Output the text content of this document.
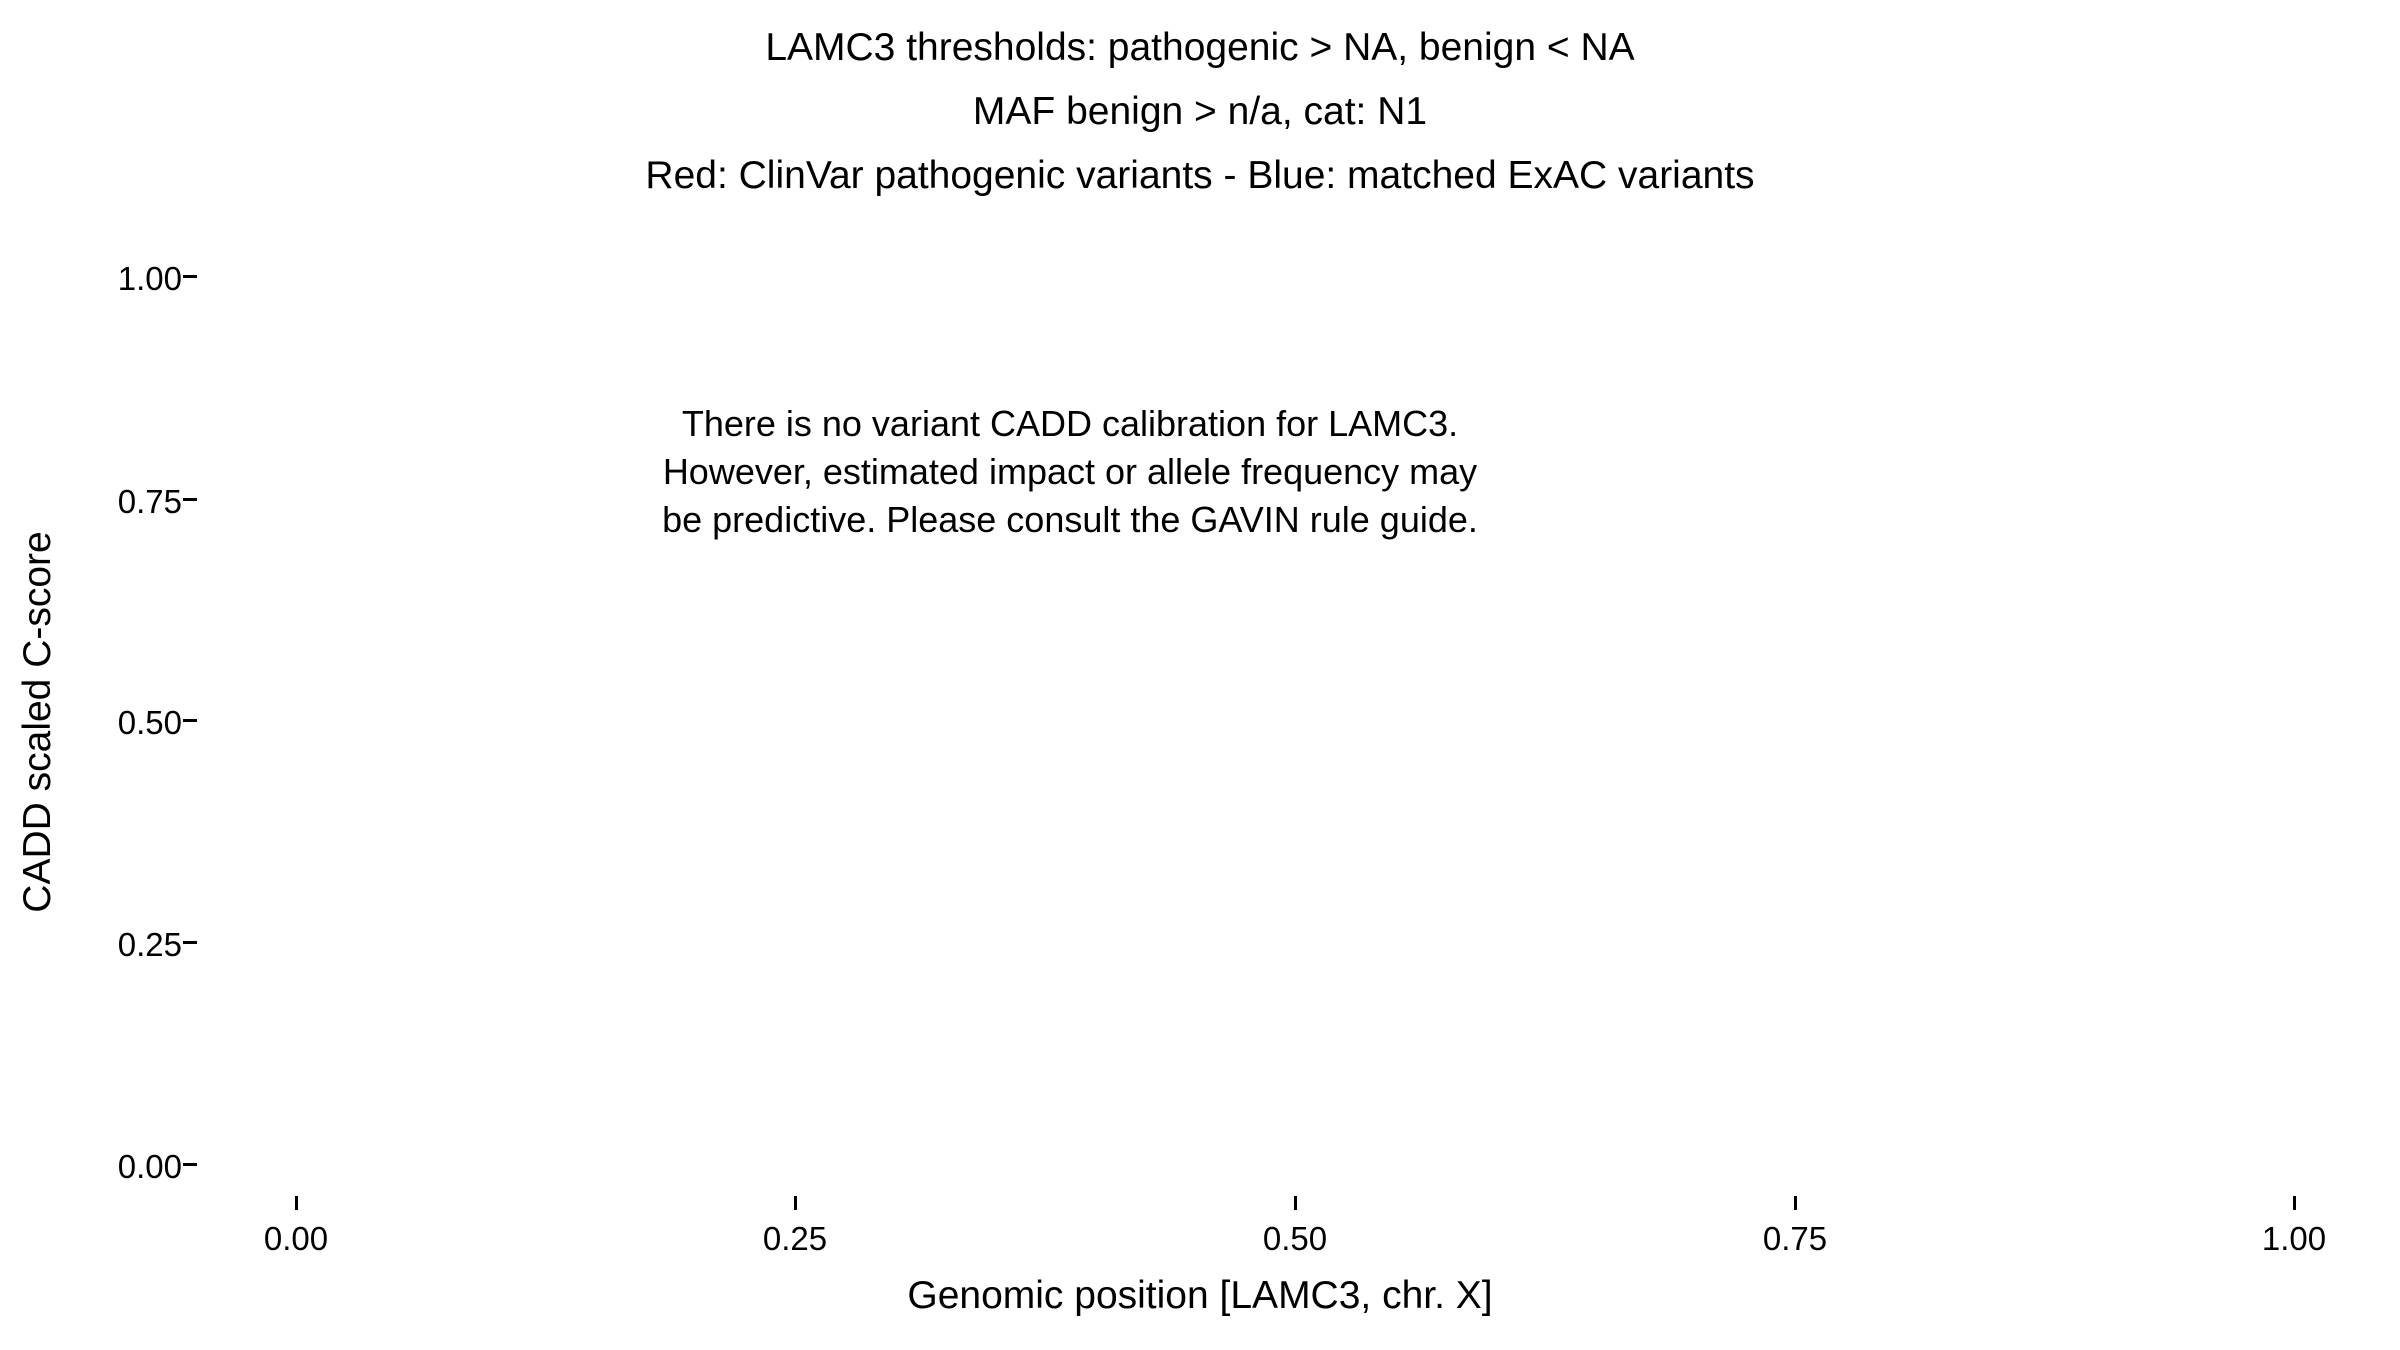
LAMC3 thresholds: pathogenic > NA, benign < NA
MAF benign > n/a, cat: N1
Red: ClinVar pathogenic variants - Blue: matched ExAC variants
CADD scaled C-score
Genomic position [LAMC3, chr. X]
1.00
0.75
0.50
0.25
0.00
0.00	0.25	0.50	0.75	1.00
There is no variant CADD calibration for LAMC3.
However, estimated impact or allele frequency may
be predictive. Please consult the GAVIN rule guide.
